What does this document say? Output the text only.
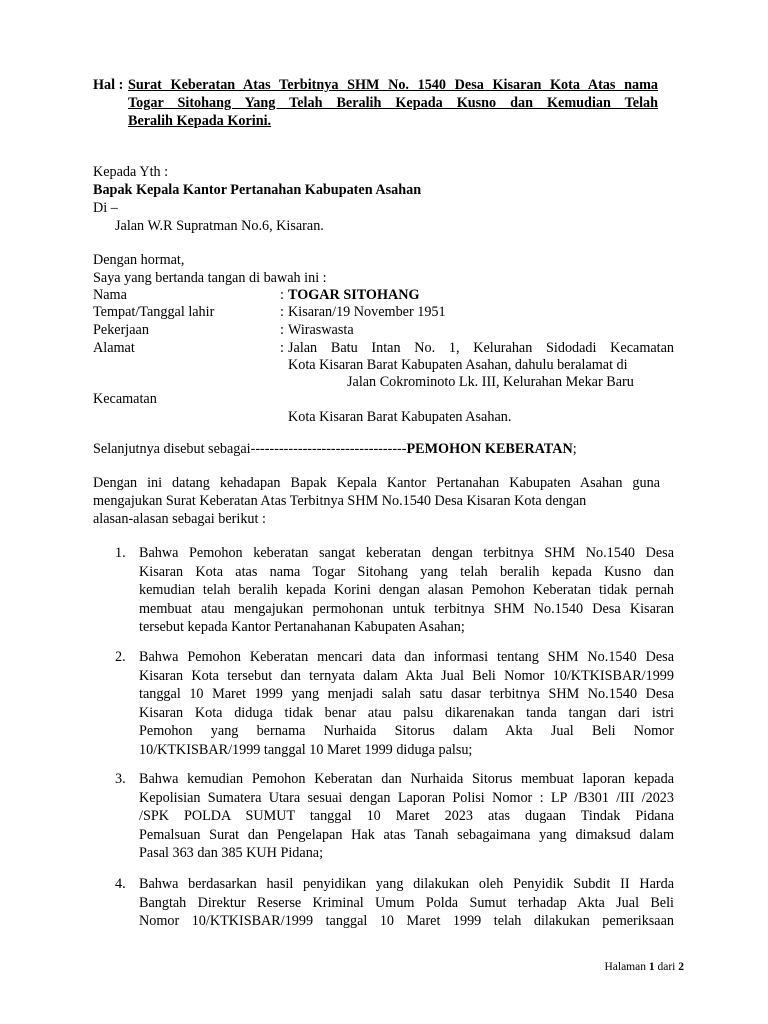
Hal : Surat Keberatan Atas Terbitnya SHM No. 1540 Desa Kisaran Kota Atas nama
Togar Sitohang Yang Telah Beralih Kepada Kusno dan Kemudian Telah
Beralih Kepada Korini.
Kepada Yth :
Bapak Kepala Kantor Pertanahan Kabupaten Asahan
Di –
Jalan W.R Supratman No.6, Kisaran.
Dengan hormat,
Saya yang bertanda tangan di bawah ini :
Nama	: TOGAR SITOHANG
Tempat/Tanggal lahir	: Kisaran/19 November 1951
Pekerjaan	: Wiraswasta
Alamat	: Jalan Batu Intan No. 1, Kelurahan Sidodadi Kecamatan
Kota Kisaran Barat Kabupaten Asahan, dahulu beralamat di
Jalan Cokrominoto Lk. III, Kelurahan Mekar Baru
Kecamatan
Kota Kisaran Barat Kabupaten Asahan.
Selanjutnya disebut sebagai---------------------------------PEMOHON KEBERATAN;
Dengan ini datang kehadapan Bapak Kepala Kantor Pertanahan Kabupaten Asahan guna
mengajukan Surat Keberatan Atas Terbitnya SHM No.1540 Desa Kisaran Kota dengan
alasan-alasan sebagai berikut :
1. Bahwa Pemohon keberatan sangat keberatan dengan terbitnya SHM No.1540 Desa
Kisaran Kota atas nama Togar Sitohang yang telah beralih kepada Kusno dan
kemudian telah beralih kepada Korini dengan alasan Pemohon Keberatan tidak pernah
membuat atau mengajukan permohonan untuk terbitnya SHM No.1540 Desa Kisaran
tersebut kepada Kantor Pertanahanan Kabupaten Asahan;
2. Bahwa Pemohon Keberatan mencari data dan informasi tentang SHM No.1540 Desa
Kisaran Kota tersebut dan ternyata dalam Akta Jual Beli Nomor 10/KTKISBAR/1999
tanggal 10 Maret 1999 yang menjadi salah satu dasar terbitnya SHM No.1540 Desa
Kisaran Kota diduga tidak benar atau palsu dikarenakan tanda tangan dari istri
Pemohon yang bernama Nurhaida Sitorus dalam Akta Jual Beli Nomor
10/KTKISBAR/1999 tanggal 10 Maret 1999 diduga palsu;
3. Bahwa kemudian Pemohon Keberatan dan Nurhaida Sitorus membuat laporan kepada
Kepolisian Sumatera Utara sesuai dengan Laporan Polisi Nomor : LP /B301 /III /2023
/SPK POLDA SUMUT tanggal 10 Maret 2023 atas dugaan Tindak Pidana
Pemalsuan Surat dan Pengelapan Hak atas Tanah sebagaimana yang dimaksud dalam
Pasal 363 dan 385 KUH Pidana;
4. Bahwa berdasarkan hasil penyidikan yang dilakukan oleh Penyidik Subdit II Harda
Bangtah Direktur Reserse Kriminal Umum Polda Sumut terhadap Akta Jual Beli
Nomor 10/KTKISBAR/1999 tanggal 10 Maret 1999 telah dilakukan pemeriksaan
Halaman 1 dari 2
